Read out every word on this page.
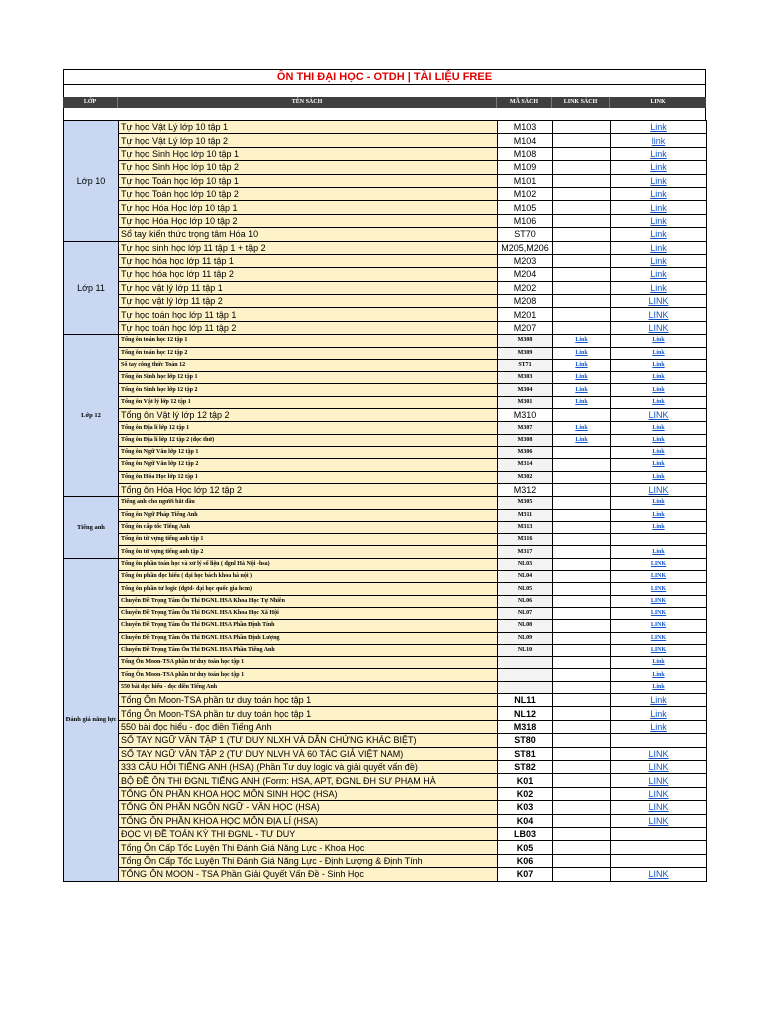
ÔN THI ĐẠI HỌC - OTDH | TÀI LIỆU FREE
LỚP	TÊN SÁCH	MÃ SÁCH	LINK SÁCH	LINK
Lớp 10	Tự học Vật Lý lớp 10 tập 1	M103		Link
	Tự học Vật Lý lớp 10 tập 2	M104		link
	Tự học Sinh Học lớp 10 tập 1	M108		Link
	Tự học Sinh Học lớp 10 tập 2	M109		Link
	Tự học Toán học lớp 10 tập 1	M101		Link
	Tự học Toán học lớp 10 tập 2	M102		Link
	Tự học Hóa Học lớp 10 tập 1	M105		Link
	Tự học Hóa Học lớp 10 tập 2	M106		Link
	Sổ tay kiến thức trọng tâm Hóa 10	ST70		Link
Lớp 11	Tự học sinh học lớp 11 tập 1 + tập 2	M205,M206		Link
	Tự học hóa học lớp 11 tập 1	M203		Link
	Tự học hóa học lớp 11 tập 2	M204		Link
	Tự học vật lý lớp 11 tập 1	M202		Link
	Tự học vật lý lớp 11 tập 2	M208		LINK
	Tự học toán học lớp 11 tập 1	M201		LINK
	Tự học toán học lớp 11 tập 2	M207		LINK
Lớp 12	Tổng ôn toán học 12 tập 1	M308	Link	Link
	Tổng ôn toán học 12 tập 2	M309	Link	Link
	Sổ tay công thức Toán 12	ST71	Link	Link
	Tổng ôn Sinh học lớp 12 tập 1	M303	Link	Link
	Tổng ôn Sinh học lớp 12 tập 2	M304	Link	Link
	Tổng ôn Vật lý lớp 12 tập 1	M301	Link	Link
	Tổng ôn Vật lý lớp 12 tập 2	M310		LINK
	Tổng ôn Địa lí lớp 12 tập 1	M307	Link	Link
	Tổng ôn Địa lí lớp 12 tập 2 (đọc thử)	M308	Link	Link
	Tổng ôn Ngữ Văn lớp 12 tập 1	M306		Link
	Tổng ôn Ngữ Văn lớp 12 tập 2	M314		Link
	Tổng ôn Hóa Học lớp 12 tập 1	M302		Link
	Tổng ôn Hóa Học lớp 12 tập 2	M312		LINK
Tiếng anh	Tiếng anh cho người bắt đầu	M305		Link
	Tổng ôn Ngữ Pháp Tiếng Anh	M311		Link
	Tổng ôn cấp tốc Tiếng Anh	M313		Link
	Tổng ôn từ vựng tiếng anh tập 1	M316		
	Tổng ôn từ vựng tiếng anh tập 2	M317		Link
Đánh giá năng lực	Tổng ôn phần toán học và xử lý số liệu ( đgnl Hà Nội -hsa)	NL03		LINK
	Tổng ôn phần đọc hiểu ( đại học bách khoa hà nội )	NL04		LINK
	Tổng ôn phần tư logic (đgtd- đại học quốc gia hcm)	NL05		LINK
	Chuyên Đề Trọng Tâm Ôn Thi ĐGNL HSA Khoa Học Tự Nhiên	NL06		LINK
	Chuyên Đề Trọng Tâm Ôn Thi ĐGNL HSA Khoa Học Xã Hội	NL07		LINK
	Chuyên Đề Trọng Tâm Ôn Thi ĐGNL HSA Phần Định Tính	NL08		LINK
	Chuyên Đề Trọng Tâm Ôn Thi ĐGNL HSA Phần Định Lượng	NL09		LINK
	Chuyên Đề Trọng Tâm Ôn Thi ĐGNL HSA Phần Tiếng Anh	NL10		LINK
	Tổng Ôn Moon-TSA phần tư duy toán học tập 1			Link
	Tổng Ôn Moon-TSA phần tư duy toán học tập 1			Link
	550 bài đọc hiểu - đọc điền Tiếng Anh			Link
	Tổng Ôn Moon-TSA phần tư duy toán học tập 1	NL11		Link
	Tổng Ôn Moon-TSA phần tư duy toán học tập 1	NL12		Link
	550 bài đọc hiểu - đọc điền Tiếng Anh	M318		Link
	SỔ TAY NGỮ VĂN TẬP 1 (TƯ DUY NLXH VÀ DẪN CHỨNG KHÁC BIỆT)	ST80		
	SỔ TAY NGỮ VĂN TẬP 2 (TƯ DUY NLVH VÀ 60 TÁC GIẢ VIỆT NAM)	ST81		LINK
	333 CÂU HỎI TIẾNG ANH (HSA) (Phần Tư duy logic và giải quyết vấn đề)	ST82		LINK
	BỘ ĐỀ ÔN THI ĐGNL TIẾNG ANH (Form: HSA, APT, ĐGNL ĐH SƯ PHẠM HÀ	K01		LINK
	TỔNG ÔN PHẦN KHOA HỌC MÔN SINH HỌC (HSA)	K02		LINK
	TỔNG ÔN PHẦN NGÔN NGỮ - VĂN HỌC (HSA)	K03		LINK
	TỔNG ÔN PHẦN KHOA HỌC MÔN ĐỊA LÍ (HSA)	K04		LINK
	ĐỌC VỊ ĐỀ TOÁN KỲ THI ĐGNL - TƯ DUY	LB03		
	Tổng Ôn Cấp Tốc Luyện Thi Đánh Giá Năng Lực - Khoa Học	K05		
	Tổng Ôn Cấp Tốc Luyện Thi Đánh Giá Năng Lực - Định Lượng & Định Tính	K06		
	TỔNG ÔN MOON - TSA Phần Giải Quyết Vấn Đề - Sinh Học	K07		LINK
